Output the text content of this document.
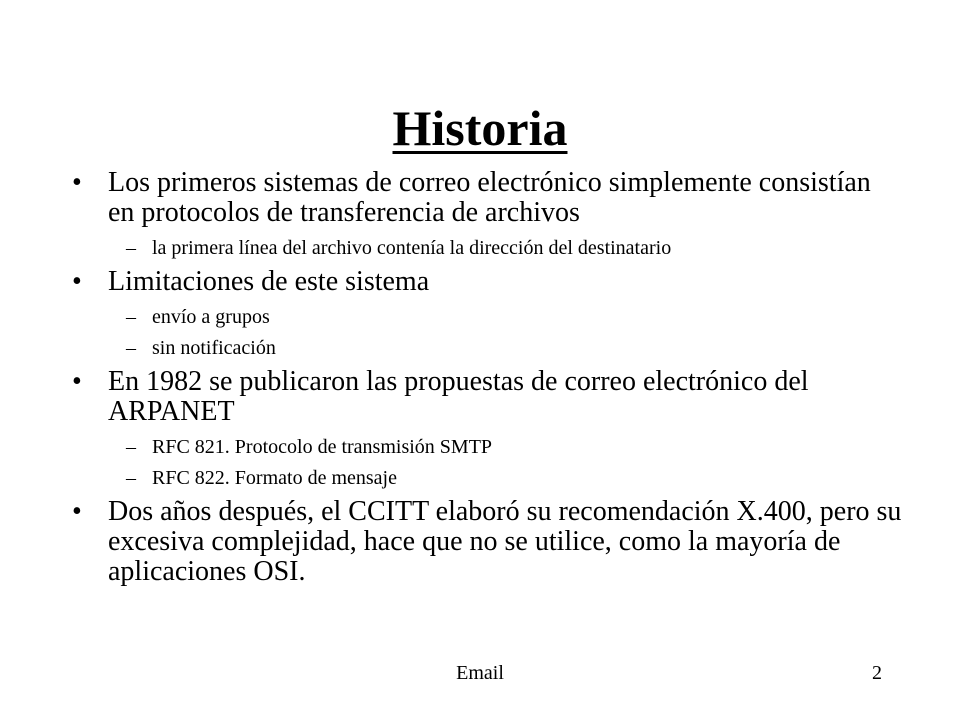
Historia
• Los primeros sistemas de correo electrónico simplemente consistían en protocolos de transferencia de archivos
– la primera línea del archivo contenía la dirección del destinatario
• Limitaciones de este sistema
– envío a grupos
– sin notificación
• En 1982 se publicaron las propuestas de correo electrónico del ARPANET
– RFC 821. Protocolo de transmisión SMTP
– RFC 822. Formato de mensaje
• Dos años después, el CCITT elaboró su recomendación X.400, pero su excesiva complejidad, hace que no se utilice, como la mayoría de aplicaciones OSI.
Email	2
